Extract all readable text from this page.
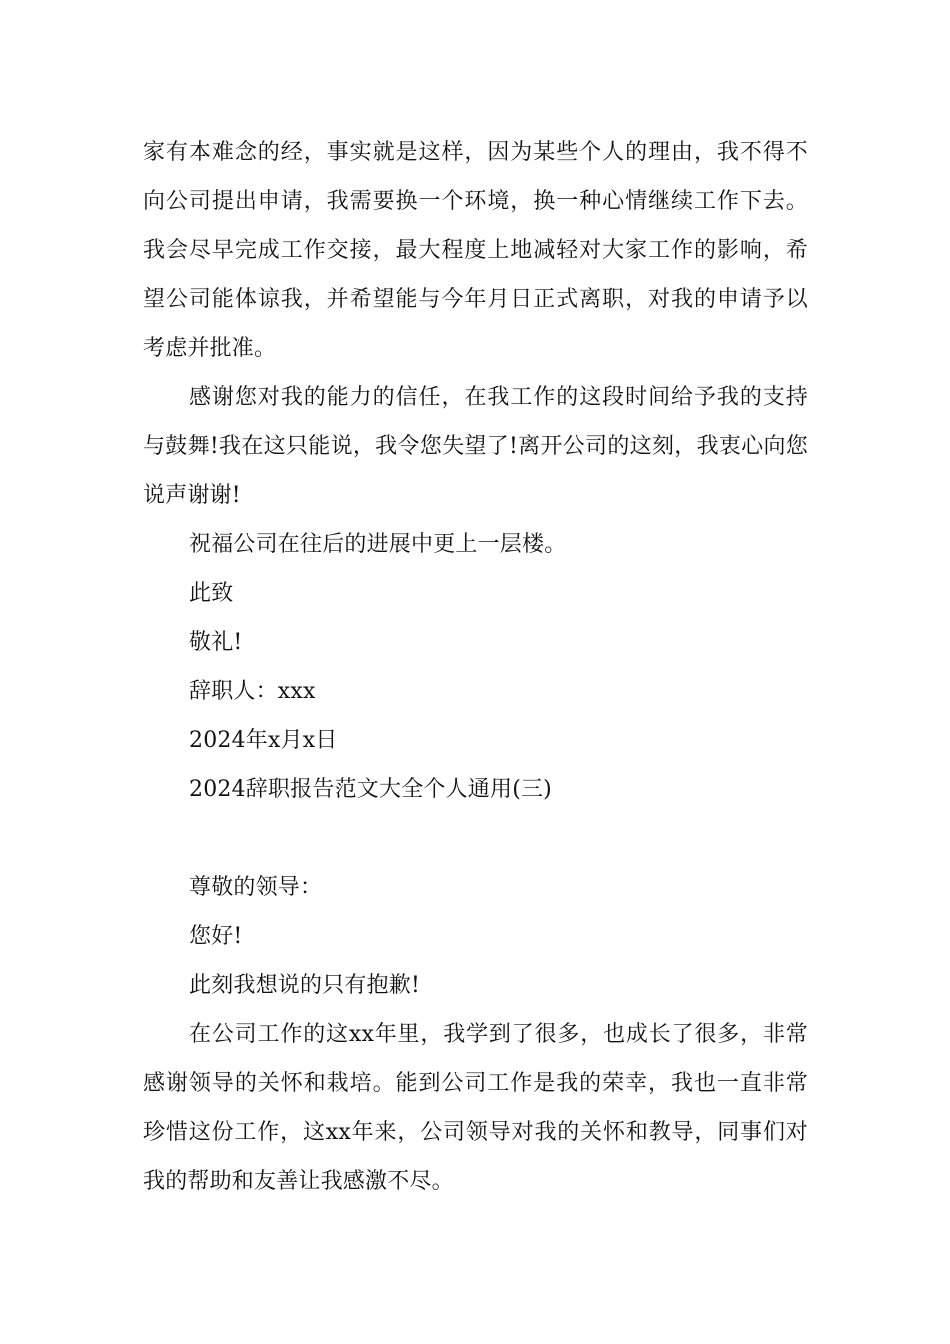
家有本难念的经，事实就是这样，因为某些个人的理由，我不得不向公司提出申请，我需要换一个环境，换一种心情继续工作下去。我会尽早完成工作交接，最大程度上地减轻对大家工作的影响，希望公司能体谅我，并希望能与今年月日正式离职，对我的申请予以考虑并批准。

感谢您对我的能力的信任，在我工作的这段时间给予我的支持与鼓舞!我在这只能说，我令您失望了!离开公司的这刻，我衷心向您说声谢谢!

祝福公司在往后的进展中更上一层楼。

此致

敬礼!

辞职人：xxx

2024年x月x日

2024辞职报告范文大全个人通用(三)

尊敬的领导：

您好!

此刻我想说的只有抱歉!

在公司工作的这xx年里，我学到了很多，也成长了很多，非常感谢领导的关怀和栽培。能到公司工作是我的荣幸，我也一直非常珍惜这份工作，这xx年来，公司领导对我的关怀和教导，同事们对我的帮助和友善让我感激不尽。
